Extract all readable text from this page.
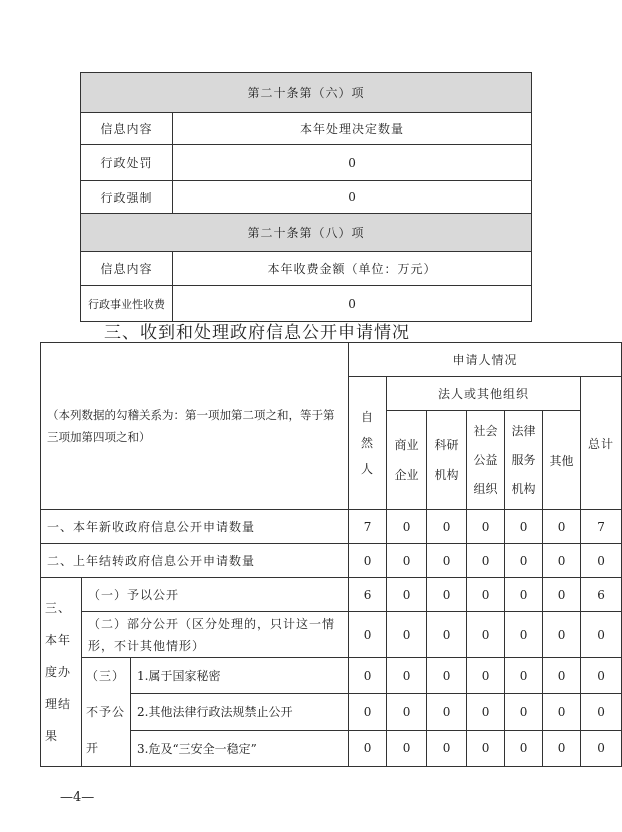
第二十条第（六）项	
信息内容	本年处理决定数量
行政处罚	0
行政强制	0
第二十条第（八）项	
信息内容	本年收费金额（单位：万元）
行政事业性收费	0
三、收到和处理政府信息公开申请情况
（本列数据的勾稽关系为：第一项加第二项之和，等于第三项加第四项之和）			申请人情况						

			自然人	法人或其他组织					总计

				商业企业	科研机构	社会公益组织	法律服务机构	其他	

一、本年新收政府信息公开申请数量			7	0	0	0	0	0	7
二、上年结转政府信息公开申请数量			0	0	0	0	0	0	0

三、本年度办理结果	（一）予以公开		6	0	0	0	0	0	6
	（二）部分公开（区分处理的，只计这一情形，不计其他情形）		0	0	0	0	0	0	0

	（三）不予公开	1.属于国家秘密	0	0	0	0	0	0	0
		2.其他法律行政法规禁止公开	0	0	0	0	0	0	0
		3.危及“三安全一稳定”	0	0	0	0	0	0	0
—4—
